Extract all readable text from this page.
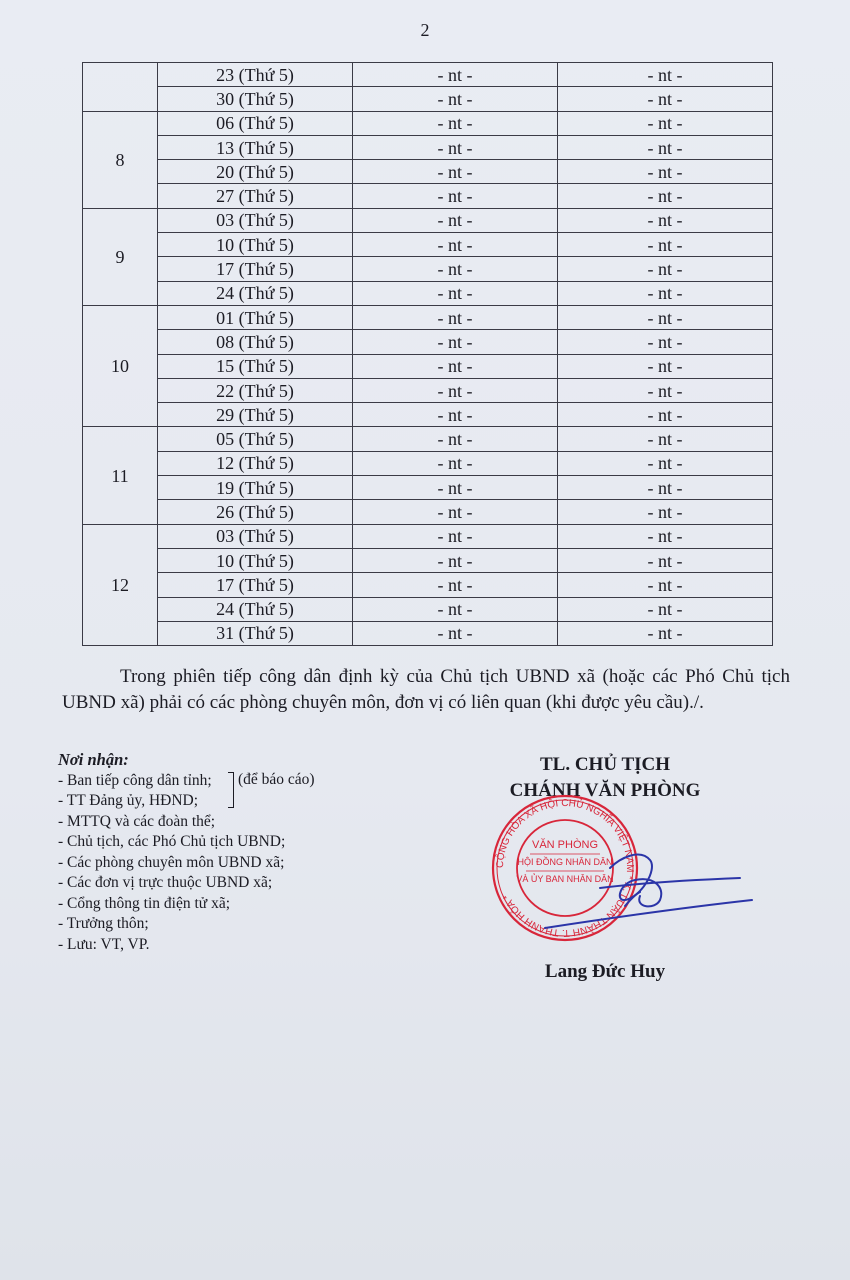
2
	23 (Thứ 5)	- nt -	- nt -
	30 (Thứ 5)	- nt -	- nt -
8	06 (Thứ 5)	- nt -	- nt -
	13 (Thứ 5)	- nt -	- nt -
	20 (Thứ 5)	- nt -	- nt -
	27 (Thứ 5)	- nt -	- nt -
9	03 (Thứ 5)	- nt -	- nt -
	10 (Thứ 5)	- nt -	- nt -
	17 (Thứ 5)	- nt -	- nt -
	24 (Thứ 5)	- nt -	- nt -
10	01 (Thứ 5)	- nt -	- nt -
	08 (Thứ 5)	- nt -	- nt -
	15 (Thứ 5)	- nt -	- nt -
	22 (Thứ 5)	- nt -	- nt -
	29 (Thứ 5)	- nt -	- nt -
11	05 (Thứ 5)	- nt -	- nt -
	12 (Thứ 5)	- nt -	- nt -
	19 (Thứ 5)	- nt -	- nt -
	26 (Thứ 5)	- nt -	- nt -
12	03 (Thứ 5)	- nt -	- nt -
	10 (Thứ 5)	- nt -	- nt -
	17 (Thứ 5)	- nt -	- nt -
	24 (Thứ 5)	- nt -	- nt -
	31 (Thứ 5)	- nt -	- nt -
Trong phiên tiếp công dân định kỳ của Chủ tịch UBND xã (hoặc các Phó Chủ tịch UBND xã) phải có các phòng chuyên môn, đơn vị có liên quan (khi được yêu cầu)./.
Nơi nhận:
- Ban tiếp công dân tỉnh;
- TT Đảng ủy, HĐND;
- MTTQ và các đoàn thể;
- Chủ tịch, các Phó Chủ tịch UBND;
- Các phòng chuyên môn UBND xã;
- Các đơn vị trực thuộc UBND xã;
- Cổng thông tin điện tử xã;
- Trưởng thôn;
- Lưu: VT, VP.
(để báo cáo)
TL. CHỦ TỊCH
CHÁNH VĂN PHÒNG
CỘNG HÒA XÃ HỘI CHỦ NGHĨA VIỆT NAM * X. LUẬN THÀNH T. THANH HÓA *
VĂN PHÒNG
HỘI ĐỒNG NHÂN DÂN
VÀ ỦY BAN NHÂN DÂN
Lang Đức Huy
